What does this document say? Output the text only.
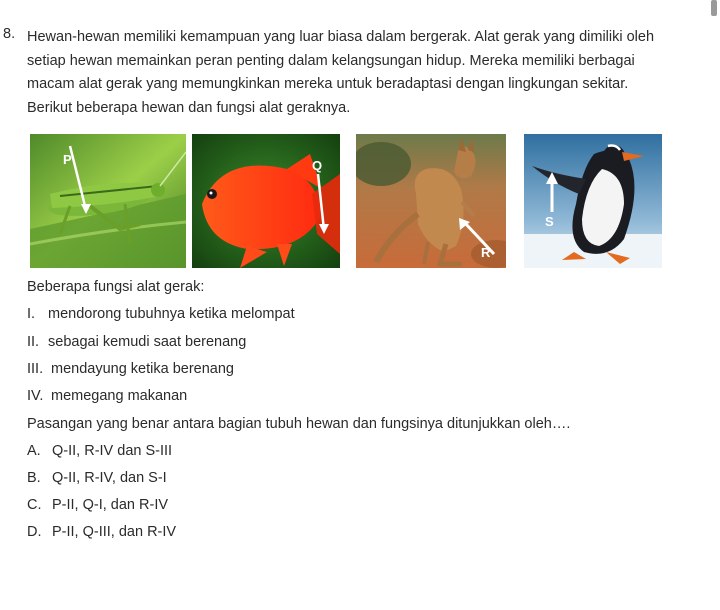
8. Hewan-hewan memiliki kemampuan yang luar biasa dalam bergerak. Alat gerak yang dimiliki oleh

setiap hewan memainkan peran penting dalam kelangsungan hidup. Mereka memiliki berbagai

macam alat gerak yang memungkinkan mereka untuk beradaptasi dengan lingkungan sekitar.

Berikut beberapa hewan dan fungsi alat geraknya.

P	Q
R
S
Beberapa fungsi alat gerak:
I. mendorong tubuhnya ketika melompat
II. sebagai kemudi saat berenang
III. mendayung ketika berenang
IV. memegang makanan
Pasangan yang benar antara bagian tubuh hewan dan fungsinya ditunjukkan oleh….
A. Q-II, R-IV dan S-III
B. Q-II, R-IV, dan S-I
C. P-II, Q-I, dan R-IV
D. P-II, Q-III, dan R-IV
